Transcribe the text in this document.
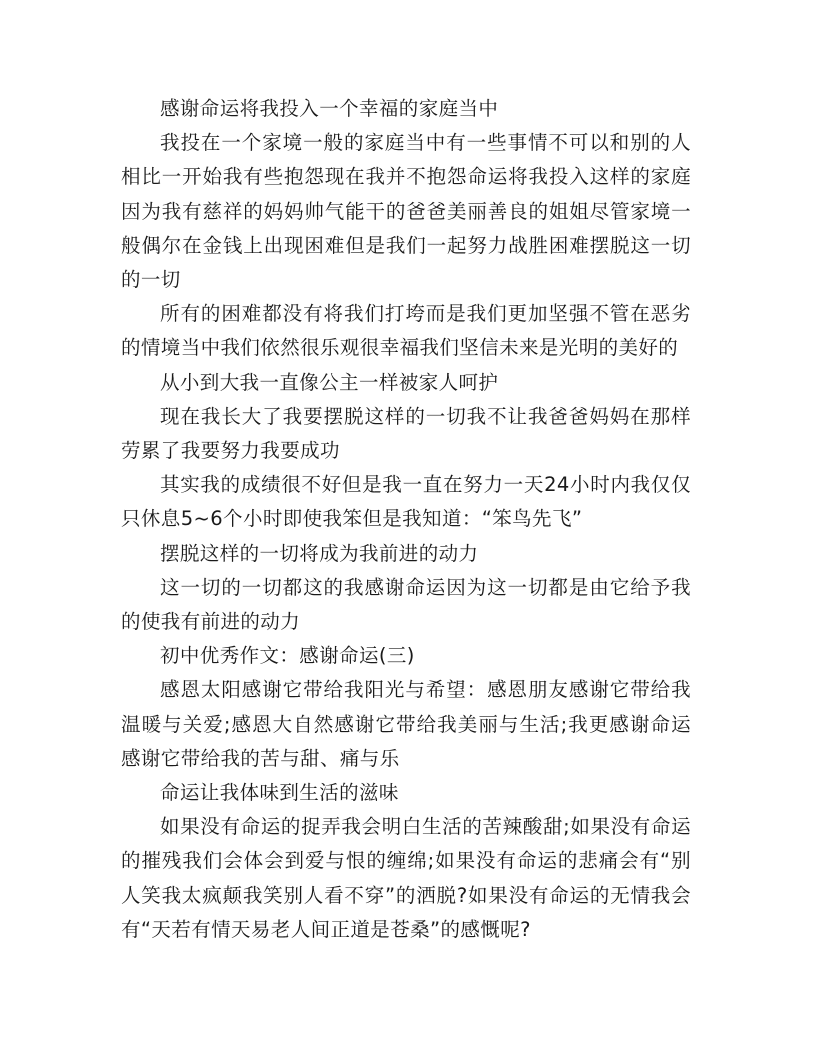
感谢命运将我投入一个幸福的家庭当中

我投在一个家境一般的家庭当中有一些事情不可以和别的人相比一开始我有些抱怨现在我并不抱怨命运将我投入这样的家庭因为我有慈祥的妈妈帅气能干的爸爸美丽善良的姐姐尽管家境一般偶尔在金钱上出现困难但是我们一起努力战胜困难摆脱这一切的一切

所有的困难都没有将我们打垮而是我们更加坚强不管在恶劣的情境当中我们依然很乐观很幸福我们坚信未来是光明的美好的

从小到大我一直像公主一样被家人呵护

现在我长大了我要摆脱这样的一切我不让我爸爸妈妈在那样劳累了我要努力我要成功

其实我的成绩很不好但是我一直在努力一天24小时内我仅仅只休息5~6个小时即使我笨但是我知道：“笨鸟先飞”

摆脱这样的一切将成为我前进的动力

这一切的一切都这的我感谢命运因为这一切都是由它给予我的使我有前进的动力

初中优秀作文：感谢命运(三)

感恩太阳感谢它带给我阳光与希望：感恩朋友感谢它带给我温暖与关爱;感恩大自然感谢它带给我美丽与生活;我更感谢命运感谢它带给我的苦与甜、痛与乐

命运让我体味到生活的滋味

如果没有命运的捉弄我会明白生活的苦辣酸甜;如果没有命运的摧残我们会体会到爱与恨的缠绵;如果没有命运的悲痛会有“别人笑我太疯颠我笑别人看不穿”的洒脱?如果没有命运的无情我会有“天若有情天易老人间正道是苍桑”的感慨呢?
